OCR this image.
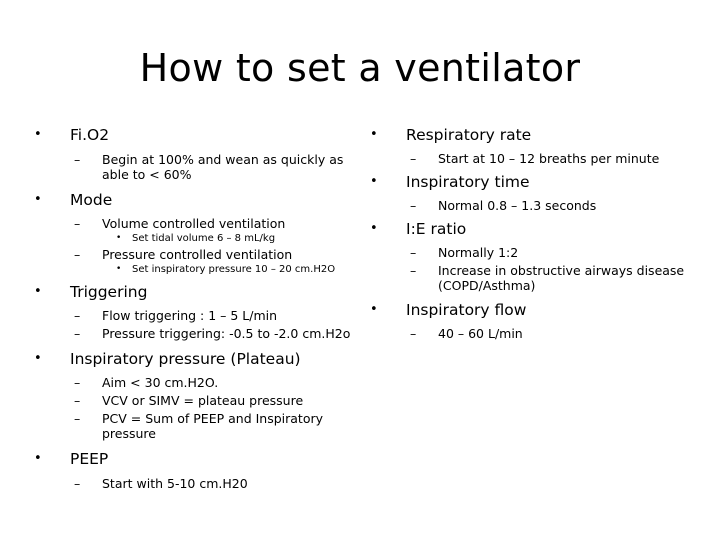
How to set a ventilator
• Fi.O2
– Begin at 100% and wean as quickly as able to < 60%
• Mode
– Volume controlled ventilation
• Set tidal volume 6 – 8 mL/kg
– Pressure controlled ventilation
• Set inspiratory pressure 10 – 20 cm.H2O
• Triggering
– Flow triggering : 1 – 5 L/min
– Pressure triggering: -0.5 to -2.0 cm.H2o
• Inspiratory pressure (Plateau)
– Aim < 30 cm.H2O.
– VCV or SIMV = plateau pressure
– PCV = Sum of PEEP and Inspiratory pressure
• PEEP
– Start with 5-10 cm.H20
• Respiratory rate
– Start at 10 – 12 breaths per minute
• Inspiratory time
– Normal 0.8 – 1.3 seconds
• I:E ratio
– Normally 1:2
– Increase in obstructive airways disease (COPD/Asthma)
• Inspiratory flow
– 40 – 60 L/min
